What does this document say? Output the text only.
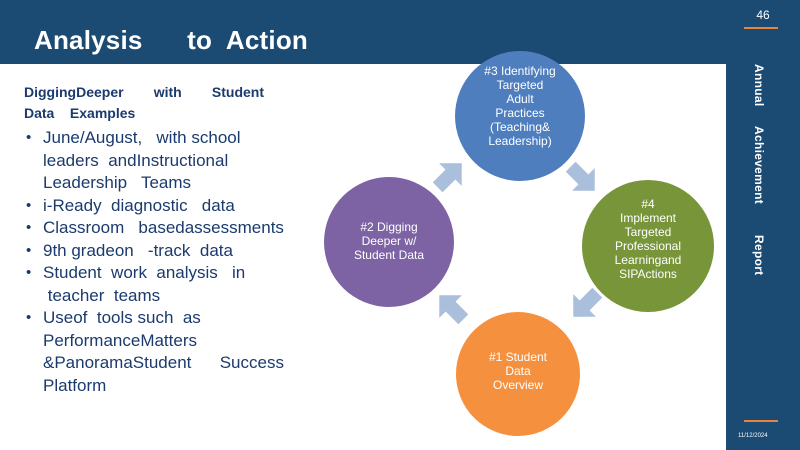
Analysis      to  Action
46
Annual
Achievement
Report
11/12/2024
DiggingDeeper with Student
Data    Examples
• June/August,   with school
leaders  andInstructional
Leadership   Teams
• i-Ready  diagnostic   data
• Classroom   basedassessments
• 9th gradeon   -track  data
• Student  work  analysis   in
teacher  teams
• Useof  tools such  as
PerformanceMatters
&PanoramaStudent      Success
Platform
#3 Identifying
Targeted
Adult
Practices
(Teaching&
Leadership)
#4
Implement
Targeted
Professional
Learningand
SIPActions
#1 Student
Data
Overview
#2 Digging
Deeper w/
Student Data
